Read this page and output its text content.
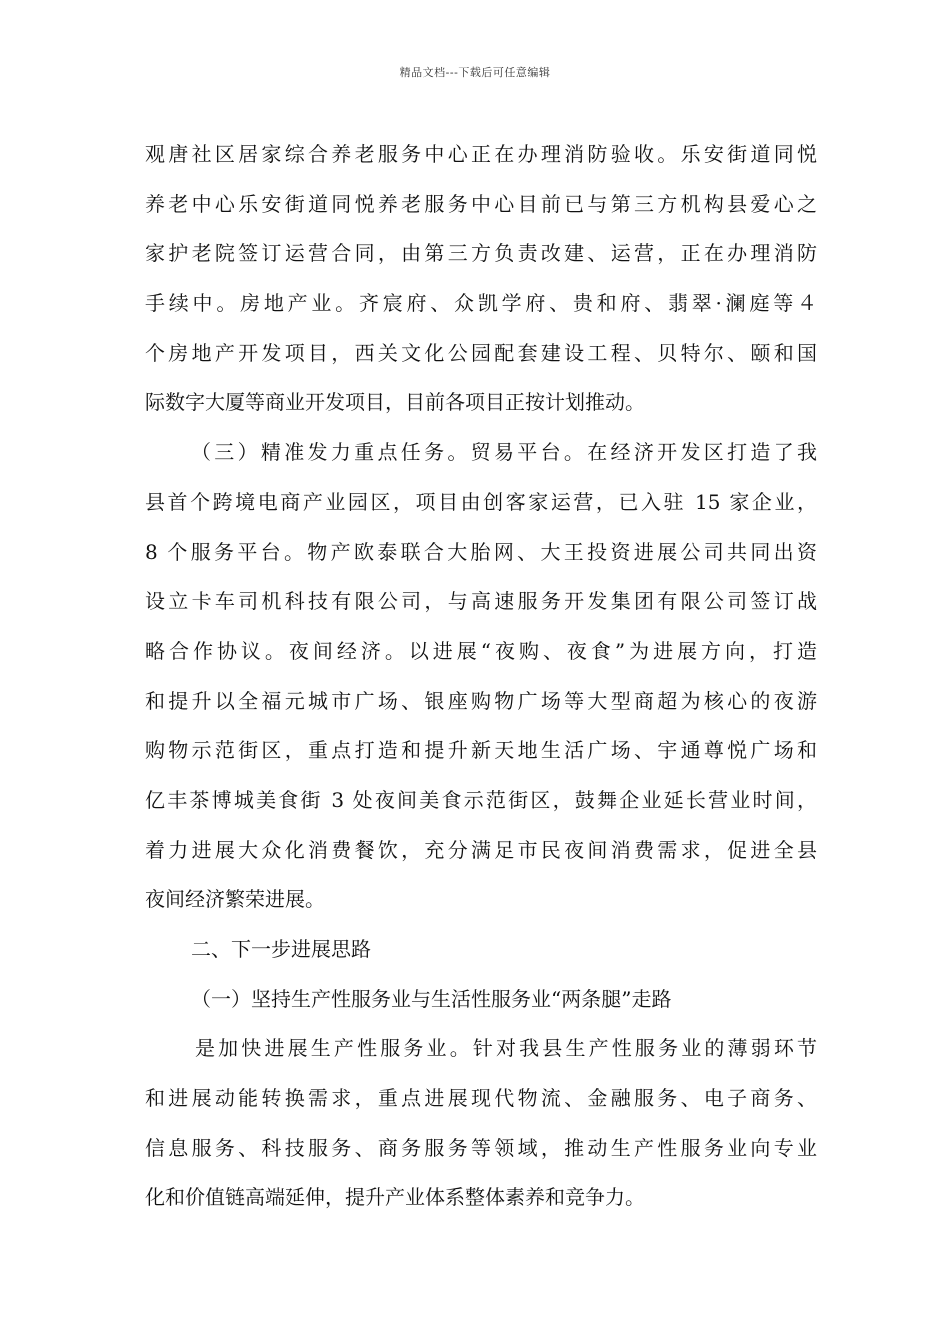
精品文档---下载后可任意编辑
观唐社区居家综合养老服务中心正在办理消防验收。乐安街道同悦
养老中心乐安街道同悦养老服务中心目前已与第三方机构县爱心之
家护老院签订运营合同，由第三方负责改建、运营，正在办理消防
手续中。房地产业。齐宸府、众凯学府、贵和府、翡翠·澜庭等４
个房地产开发项目，西关文化公园配套建设工程、贝特尔、颐和国
际数字大厦等商业开发项目，目前各项目正按计划推动。
（三）精准发力重点任务。贸易平台。在经济开发区打造了我
县首个跨境电商产业园区，项目由创客家运营，已入驻 15 家企业，
8 个服务平台。物产欧泰联合大胎网、大王投资进展公司共同出资
设立卡车司机科技有限公司，与高速服务开发集团有限公司签订战
略合作协议。夜间经济。以进展“夜购、夜食”为进展方向，打造
和提升以全福元城市广场、银座购物广场等大型商超为核心的夜游
购物示范街区，重点打造和提升新天地生活广场、宇通尊悦广场和
亿丰茶博城美食街 3 处夜间美食示范街区，鼓舞企业延长营业时间，
着力进展大众化消费餐饮，充分满足市民夜间消费需求，促进全县
夜间经济繁荣进展。
二、下一步进展思路
（一）坚持生产性服务业与生活性服务业“两条腿”走路
是加快进展生产性服务业。针对我县生产性服务业的薄弱环节
和进展动能转换需求，重点进展现代物流、金融服务、电子商务、
信息服务、科技服务、商务服务等领域，推动生产性服务业向专业
化和价值链高端延伸，提升产业体系整体素养和竞争力。
